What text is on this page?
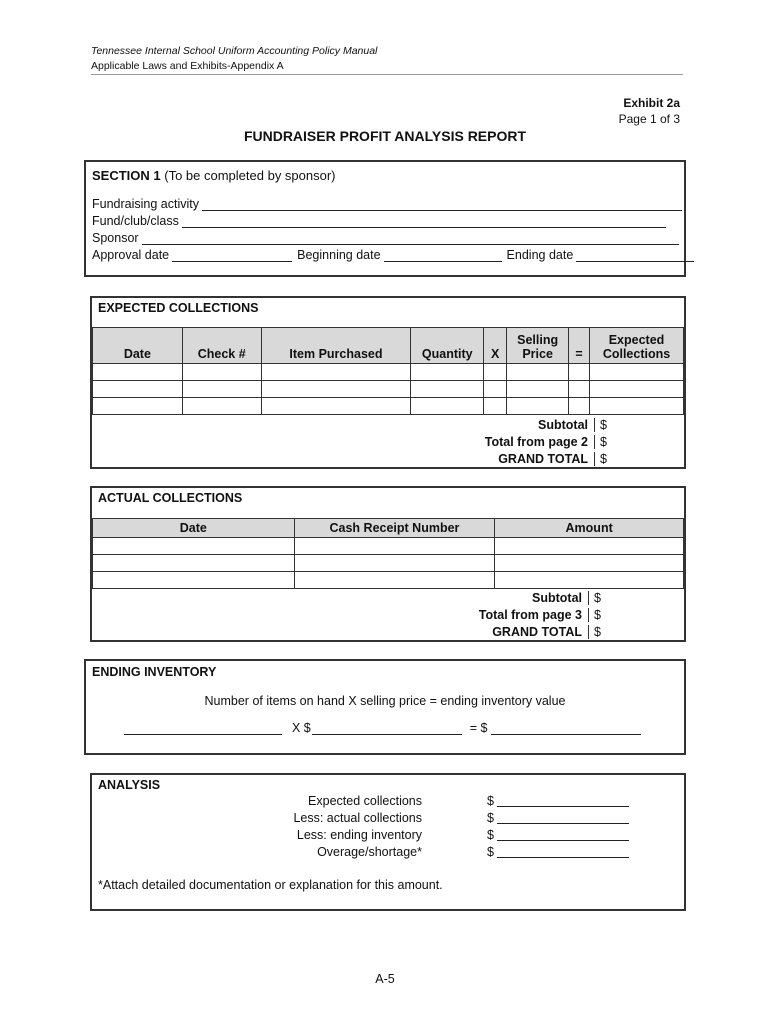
Tennessee Internal School Uniform Accounting Policy Manual
Applicable Laws and Exhibits-Appendix A
Exhibit 2a
Page 1 of 3
FUNDRAISER PROFIT ANALYSIS REPORT
SECTION 1 (To be completed by sponsor)
Fundraising activity
Fund/club/class
Sponsor
Approval date	Beginning date	Ending date
EXPECTED COLLECTIONS
Date	Check #	Item Purchased	Quantity	X	Selling Price	=	Expected Collections

Subtotal $
Total from page 2 $
GRAND TOTAL $
ACTUAL COLLECTIONS
Date	Cash Receipt Number	Amount

Subtotal $
Total from page 3 $
GRAND TOTAL $
ENDING INVENTORY
Number of items on hand X selling price = ending inventory value
X $	= $
ANALYSIS
Expected collections	$
Less: actual collections	$
Less: ending inventory	$
Overage/shortage*	$
*Attach detailed documentation or explanation for this amount.
A-5
